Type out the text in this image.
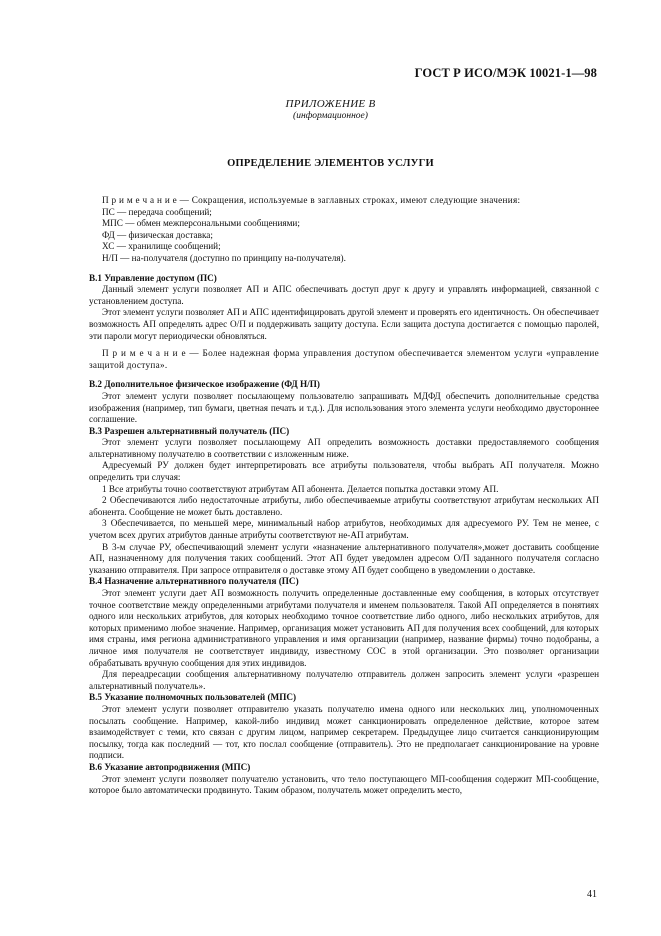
ГОСТ Р ИСО/МЭК 10021-1—98
ПРИЛОЖЕНИЕ В
(информационное)
ОПРЕДЕЛЕНИЕ ЭЛЕМЕНТОВ УСЛУГИ

П р и м е ч а н и е — Сокращения, используемые в заглавных строках, имеют следующие значения:

ПС — передача сообщений;

МПС — обмен межперсональными сообщениями;

ФД — физическая доставка;

ХС — хранилище сообщений;

Н/П — на-получателя (доступно по принципу на-получателя).

В.1 Управление доступом (ПС)

Данный элемент услуги позволяет АП и АПС обеспечивать доступ друг к другу и управлять информацией, связанной с установлением доступа.

Этот элемент услуги позволяет АП и АПС идентифицировать другой элемент и проверять его идентичность. Он обеспечивает возможность АП определять адрес О/П и поддерживать защиту доступа. Если защита доступа достигается с помощью паролей, эти пароли могут периодически обновляться.

П р и м е ч а н и е — Более надежная форма управления доступом обеспечивается элементом услуги «управление защитой доступа».

В.2 Дополнительное физическое изображение (ФД Н/П)

Этот элемент услуги позволяет посылающему пользователю запрашивать МДФД обеспечить дополнительные средства изображения (например, тип бумаги, цветная печать и т.д.). Для использования этого элемента услуги необходимо двустороннее соглашение.

В.3 Разрешен альтернативный получатель (ПС)

Этот элемент услуги позволяет посылающему АП определить возможность доставки предоставляемого сообщения альтернативному получателю в соответствии с изложенным ниже.

Адресуемый РУ должен будет интерпретировать все атрибуты пользователя, чтобы выбрать АП получателя. Можно определить три случая:

1 Все атрибуты точно соответствуют атрибутам АП абонента. Делается попытка доставки этому АП.

2 Обеспечиваются либо недостаточные атрибуты, либо обеспечиваемые атрибуты соответствуют атрибутам нескольких АП абонента. Сообщение не может быть доставлено.

3 Обеспечивается, по меньшей мере, минимальный набор атрибутов, необходимых для адресуемого РУ. Тем не менее, с учетом всех других атрибутов данные атрибуты соответствуют не-АП атрибутам.

В 3-м случае РУ, обеспечивающий элемент услуги «назначение альтернативного получателя»,может доставить сообщение АП, назначенному для получения таких сообщений. Этот АП будет уведомлен адресом О/П заданного получателя согласно указанию отправителя. При запросе отправителя о доставке этому АП будет сообщено в уведомлении о доставке.

В.4 Назначение альтернативного получателя (ПС)

Этот элемент услуги дает АП возможность получить определенные доставленные ему сообщения, в которых отсутствует точное соответствие между определенными атрибутами получателя и именем пользователя. Такой АП определяется в понятиях одного или нескольких атрибутов, для которых необходимо точное соответствие либо одного, либо нескольких атрибутов, для которых применимо любое значение. Например, организация может установить АП для получения всех сообщений, для которых имя страны, имя региона административного управления и имя организации (например, название фирмы) точно подобраны, а личное имя получателя не соответствует индивиду, известному СОС в этой организации. Это позволяет организации обрабатывать вручную сообщения для этих индивидов.

Для переадресации сообщения альтернативному получателю отправитель должен запросить элемент услуги «разрешен альтернативный получатель».

В.5 Указание полномочных пользователей (МПС)

Этот элемент услуги позволяет отправителю указать получателю имена одного или нескольких лиц, уполномоченных посылать сообщение. Например, какой-либо индивид может санкционировать определенное действие, которое затем взаимодействует с теми, кто связан с другим лицом, например секретарем. Предыдущее лицо считается санкционирующим посылку, тогда как последний — тот, кто послал сообщение (отправитель). Это не предполагает санкционирование на уровне подписи.

В.6 Указание автопродвижения (МПС)

Этот элемент услуги позволяет получателю установить, что тело поступающего МП-сообщения содержит МП-сообщение, которое было автоматически продвинуто. Таким образом, получатель может определить место,

41
